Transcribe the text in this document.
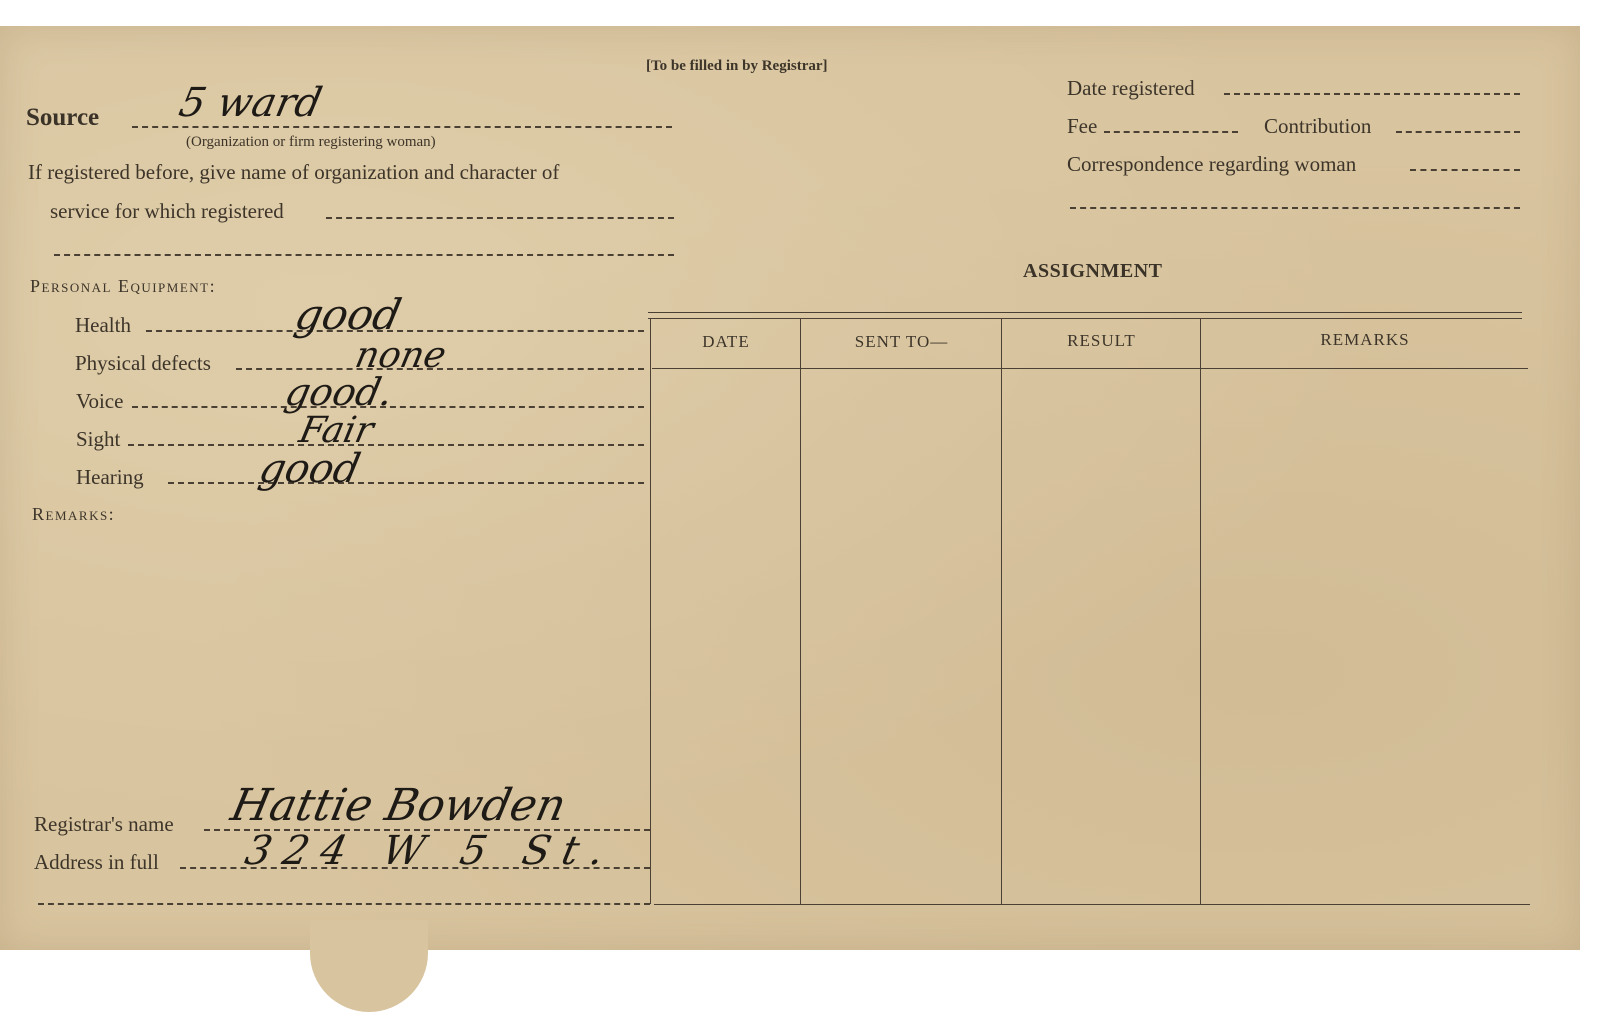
[To be filled in by Registrar]
Source 5 ward
(Organization or firm registering woman)
If registered before, give name of organization and character of
service for which registered
Personal Equipment:
Health	good
Physical defects	none
Voice	good.
Sight	Fair
Hearing	good
Remarks:
Registrar's name Hattie Bowden
Address in full 324 W 5 St.
Date registered
Fee	Contribution
Correspondence regarding woman
ASSIGNMENT
DATE	SENT TO—	RESULT	REMARKS
